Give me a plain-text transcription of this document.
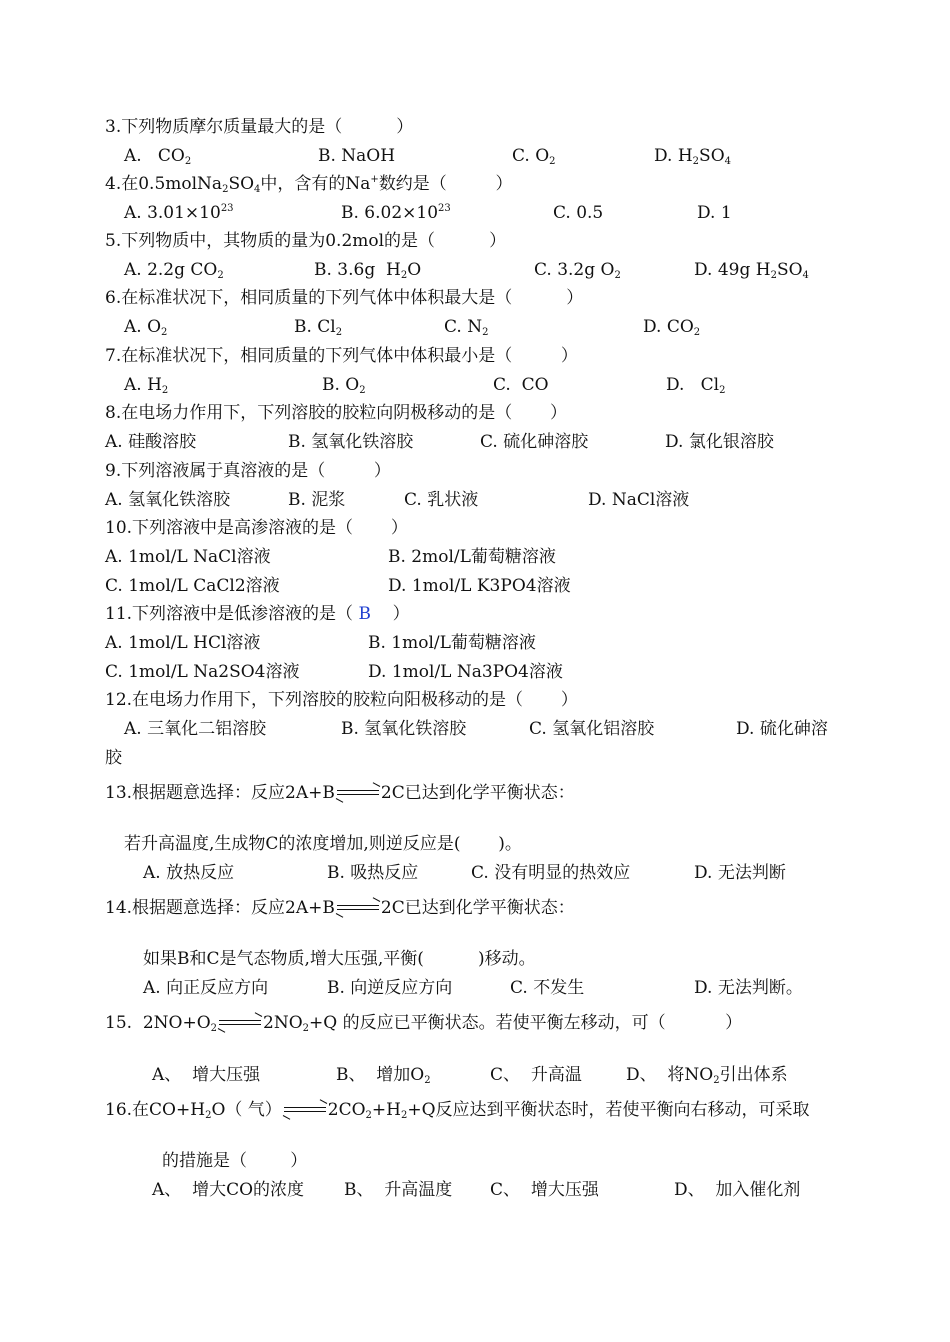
3.下列物质摩尔质量最大的是（          ）
A.   $CO_2$	B. NaOH	C. $O_2$	D. $H_2SO_4$
4.在$0.5molNa_2SO_4$中，含有的Na+数约是（         ）
A. $3.01\times 10^{23}$	B. $6.02\times 10^{23}$	C. 0.5	D. 1
5.下列物质中，其物质的量为0.2mol的是（          ）
A. 2.2g $CO_2$	B. 3.6g  $H_2O$	C. 3.2g $O_2$	D. 49g $H_2SO_4$
6.在标准状况下，相同质量的下列气体中体积最大是（          ）
A. $O_2$	B. $Cl_2$	C. $N_2$	D. $CO_2$
7.在标准状况下，相同质量的下列气体中体积最小是（         ）
A. $H_2$	B. $O_2$	C.  CO	D.   $Cl_2$
8.在电场力作用下，下列溶胶的胶粒向阴极移动的是（       ）
A. 硅酸溶胶	B. 氢氧化铁溶胶	C. 硫化砷溶胶	D. 氯化银溶胶
9.下列溶液属于真溶液的是（         ）
A. 氢氧化铁溶胶	B. 泥浆	C. 乳状液	D. NaCl溶液
10.下列溶液中是高渗溶液的是（       ）
A. 1mol/L NaCl溶液	B. 2mol/L葡萄糖溶液
C. 1mol/L CaCl2溶液	D. 1mol/L K3PO4溶液
11.下列溶液中是低渗溶液的是（ B    ）
A. 1mol/L HCl溶液	B. 1mol/L葡萄糖溶液
C. 1mol/L Na2SO4溶液	D. 1mol/L Na3PO4溶液
12.在电场力作用下，下列溶胶的胶粒向阳极移动的是（       ）
A. 三氧化二铝溶胶	B. 氢氧化铁溶胶	C. 氢氧化铝溶胶	D. 硫化砷溶
胶
13.根据题意选择：反应2A+B	2C已达到化学平衡状态：
若升高温度,生成物C的浓度增加,则逆反应是(       )。
A. 放热反应	B. 吸热反应	C. 没有明显的热效应	D. 无法判断
14.根据题意选择：反应2A+B	2C已达到化学平衡状态：
如果B和C是气态物质,增大压强,平衡(          )移动。
A. 向正反应方向	B. 向逆反应方向	C. 不发生	D. 无法判断。
15.  $2NO+O_2$	$2NO_2+Q$ 的反应已平衡状态。若使平衡左移动，可（           ）
A、  增大压强	B、  增加$O_2$	C、  升高温	D、  将$NO_2$引出体系
16.在$CO+H_2O$（ 气）	$2CO_2+H_2+Q$反应达到平衡状态时，若使平衡向右移动，可采取
的措施是（        ）
A、  增大CO的浓度 B、  升高温度 C、  增大压强	D、  加入催化剂
